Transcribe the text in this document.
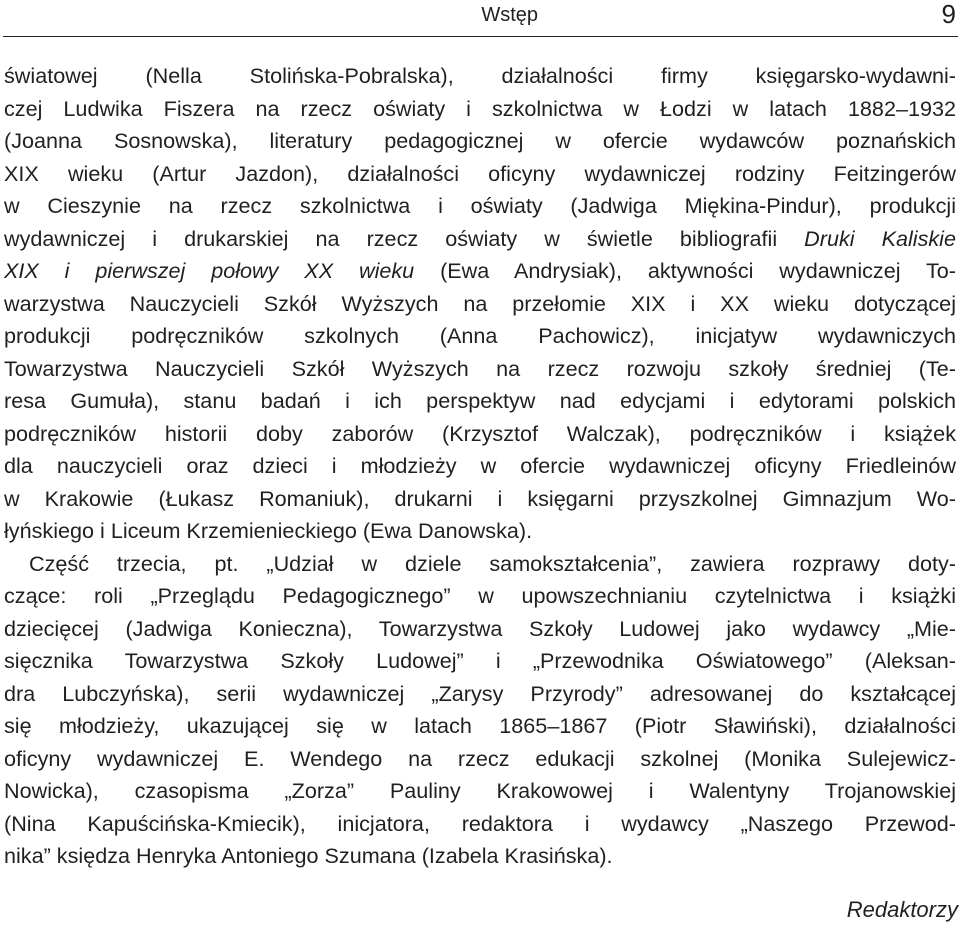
Wstęp	9
światowej (Nella Stolińska-Pobralska), działalności firmy księgarsko-wydawni-
czej Ludwika Fiszera na rzecz oświaty i szkolnictwa w Łodzi w latach 1882–1932
(Joanna Sosnowska), literatury pedagogicznej w ofercie wydawców poznańskich
XIX wieku (Artur Jazdon), działalności oficyny wydawniczej rodziny Feitzingerów
w Cieszynie na rzecz szkolnictwa i oświaty (Jadwiga Miękina-Pindur), produkcji
wydawniczej i drukarskiej na rzecz oświaty w świetle bibliografii Druki Kaliskie
XIX i pierwszej połowy XX wieku (Ewa Andrysiak), aktywności wydawniczej To-
warzystwa Nauczycieli Szkół Wyższych na przełomie XIX i XX wieku dotyczącej
produkcji podręczników szkolnych (Anna Pachowicz), inicjatyw wydawniczych
Towarzystwa Nauczycieli Szkół Wyższych na rzecz rozwoju szkoły średniej (Te-
resa Gumuła), stanu badań i ich perspektyw nad edycjami i edytorami polskich
podręczników historii doby zaborów (Krzysztof Walczak), podręczników i książek
dla nauczycieli oraz dzieci i młodzieży w ofercie wydawniczej oficyny Friedleinów
w Krakowie (Łukasz Romaniuk), drukarni i księgarni przyszkolnej Gimnazjum Wo-
łyńskiego i Liceum Krzemienieckiego (Ewa Danowska).
Część trzecia, pt. „Udział w dziele samokształcenia”, zawiera rozprawy doty-
czące: roli „Przeglądu Pedagogicznego” w upowszechnianiu czytelnictwa i książki
dziecięcej (Jadwiga Konieczna), Towarzystwa Szkoły Ludowej jako wydawcy „Mie-
sięcznika Towarzystwa Szkoły Ludowej” i „Przewodnika Oświatowego” (Aleksan-
dra Lubczyńska), serii wydawniczej „Zarysy Przyrody” adresowanej do kształcącej
się młodzieży, ukazującej się w latach 1865–1867 (Piotr Sławiński), działalności
oficyny wydawniczej E. Wendego na rzecz edukacji szkolnej (Monika Sulejewicz-
Nowicka), czasopisma „Zorza” Pauliny Krakowowej i Walentyny Trojanowskiej
(Nina Kapuścińska-Kmiecik), inicjatora, redaktora i wydawcy „Naszego Przewod-
nika” księdza Henryka Antoniego Szumana (Izabela Krasińska).
Redaktorzy
